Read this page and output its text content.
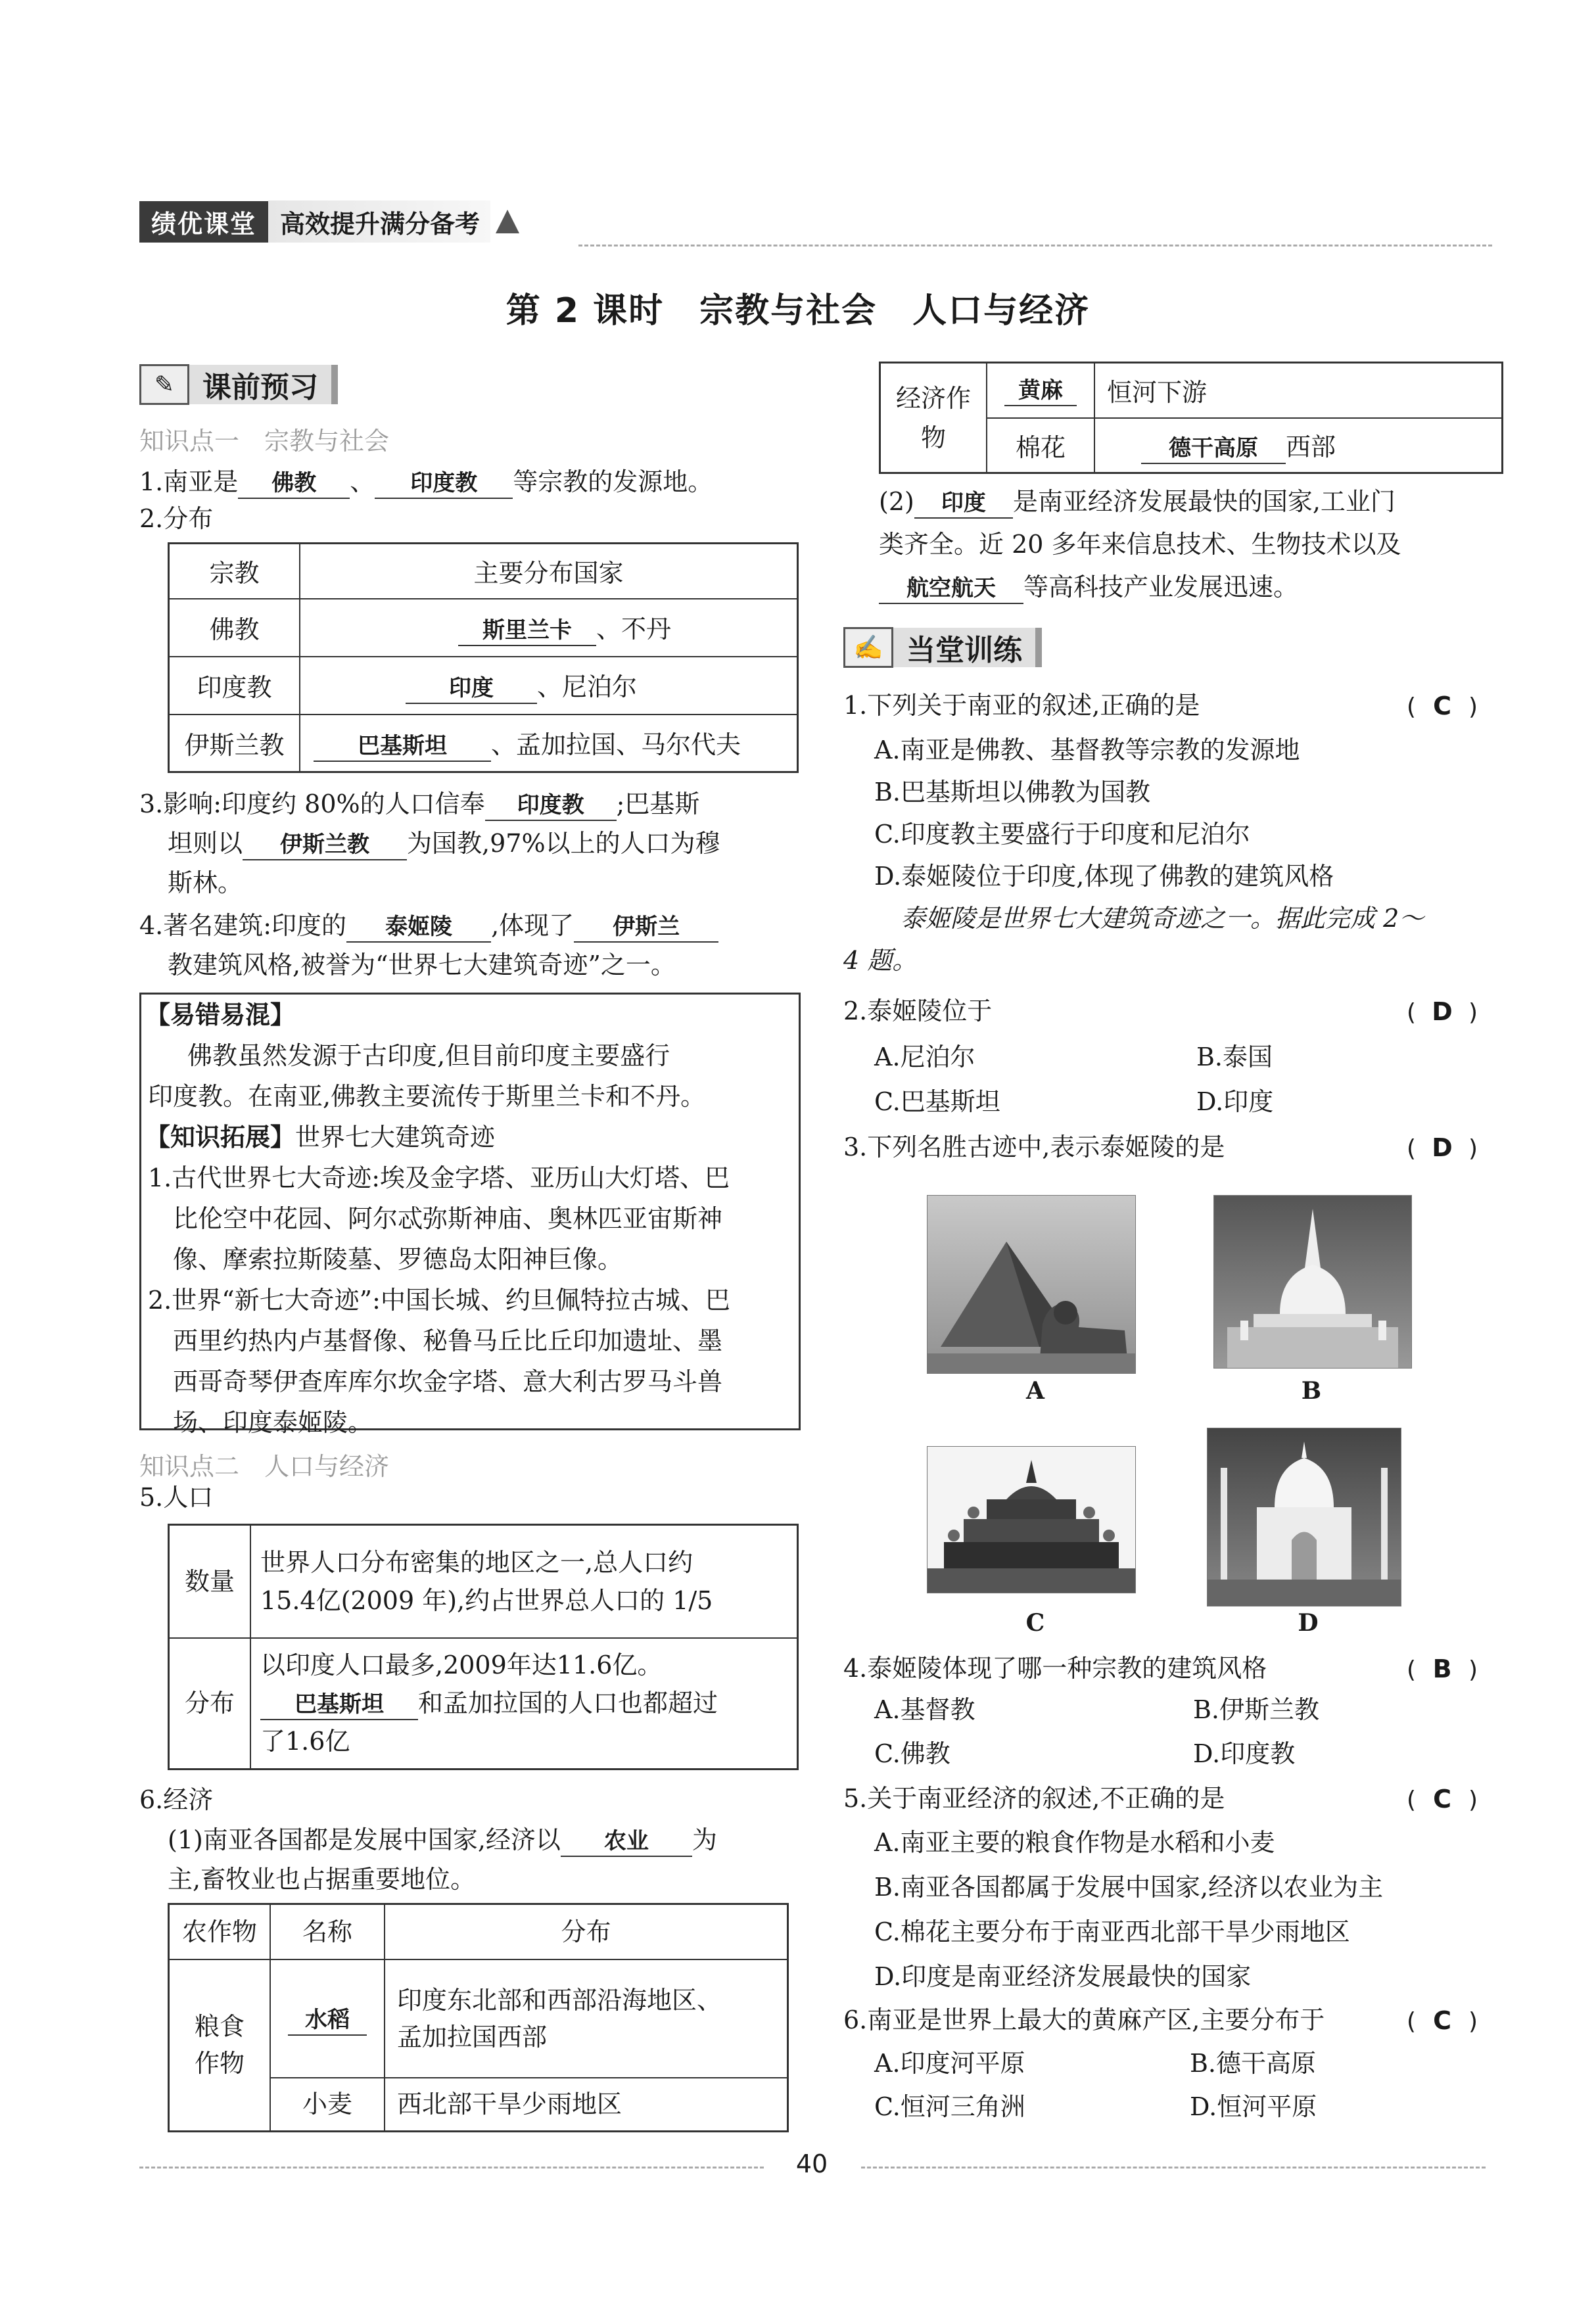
绩优课堂 高效提升满分备考
第 2 课时　宗教与社会　人口与经济
✎ 课前预习
知识点一　宗教与社会
1.南亚是 佛教 、 印度教 等宗教的发源地。
2.分布
宗教	主要分布国家
佛教	斯里兰卡 、不丹
印度教	印度 、尼泊尔
伊斯兰教	巴基斯坦 、孟加拉国、马尔代夫
3.影响:印度约 80%的人口信奉 印度教 ;巴基斯
坦则以 伊斯兰教 为国教,97%以上的人口为穆
斯林。
4.著名建筑:印度的 泰姬陵 ,体现了 伊斯兰
教建筑风格,被誉为“世界七大建筑奇迹”之一。
【易错易混】
佛教虽然发源于古印度,但目前印度主要盛行
印度教。在南亚,佛教主要流传于斯里兰卡和不丹。
【知识拓展】世界七大建筑奇迹
1.古代世界七大奇迹:埃及金字塔、亚历山大灯塔、巴
比伦空中花园、阿尔忒弥斯神庙、奥林匹亚宙斯神
像、摩索拉斯陵墓、罗德岛太阳神巨像。
2.世界“新七大奇迹”:中国长城、约旦佩特拉古城、巴
西里约热内卢基督像、秘鲁马丘比丘印加遗址、墨
西哥奇琴伊查库库尔坎金字塔、意大利古罗马斗兽
场、印度泰姬陵。
知识点二　人口与经济
5.人口
数量	世界人口分布密集的地区之一,总人口约
15.4亿(2009 年),约占世界总人口的 1/5

分布	以印度人口最多,2009年达11.6亿。
巴基斯坦 和孟加拉国的人口也都超过
了1.6亿
6.经济
(1)南亚各国都是发展中国家,经济以 农业 为
主,畜牧业也占据重要地位。
农作物	名称	分布
粮食作物	水稻	印度东北部和西部沿海地区、
孟加拉国西部

	小麦	西北部干旱少雨地区
经济作物	黄麻	恒河下游
	棉花	德干高原 西部
(2) 印度 是南亚经济发展最快的国家,工业门
类齐全。近 20 多年来信息技术、生物技术以及
航空航天 等高科技产业发展迅速。
✍ 当堂训练
1.下列关于南亚的叙述,正确的是	( C )
A.南亚是佛教、基督教等宗教的发源地
B.巴基斯坦以佛教为国教
C.印度教主要盛行于印度和尼泊尔
D.泰姬陵位于印度,体现了佛教的建筑风格
泰姬陵是世界七大建筑奇迹之一。据此完成 2～
4 题。
2.泰姬陵位于	( D )
A.尼泊尔	B.泰国
C.巴基斯坦	D.印度
3.下列名胜古迹中,表示泰姬陵的是	( D )
A	B
C	D
4.泰姬陵体现了哪一种宗教的建筑风格	( B )
A.基督教	B.伊斯兰教
C.佛教	D.印度教
5.关于南亚经济的叙述,不正确的是	( C )
A.南亚主要的粮食作物是水稻和小麦
B.南亚各国都属于发展中国家,经济以农业为主
C.棉花主要分布于南亚西北部干旱少雨地区
D.印度是南亚经济发展最快的国家
6.南亚是世界上最大的黄麻产区,主要分布于	( C )
A.印度河平原	B.德干高原
C.恒河三角洲	D.恒河平原
40
